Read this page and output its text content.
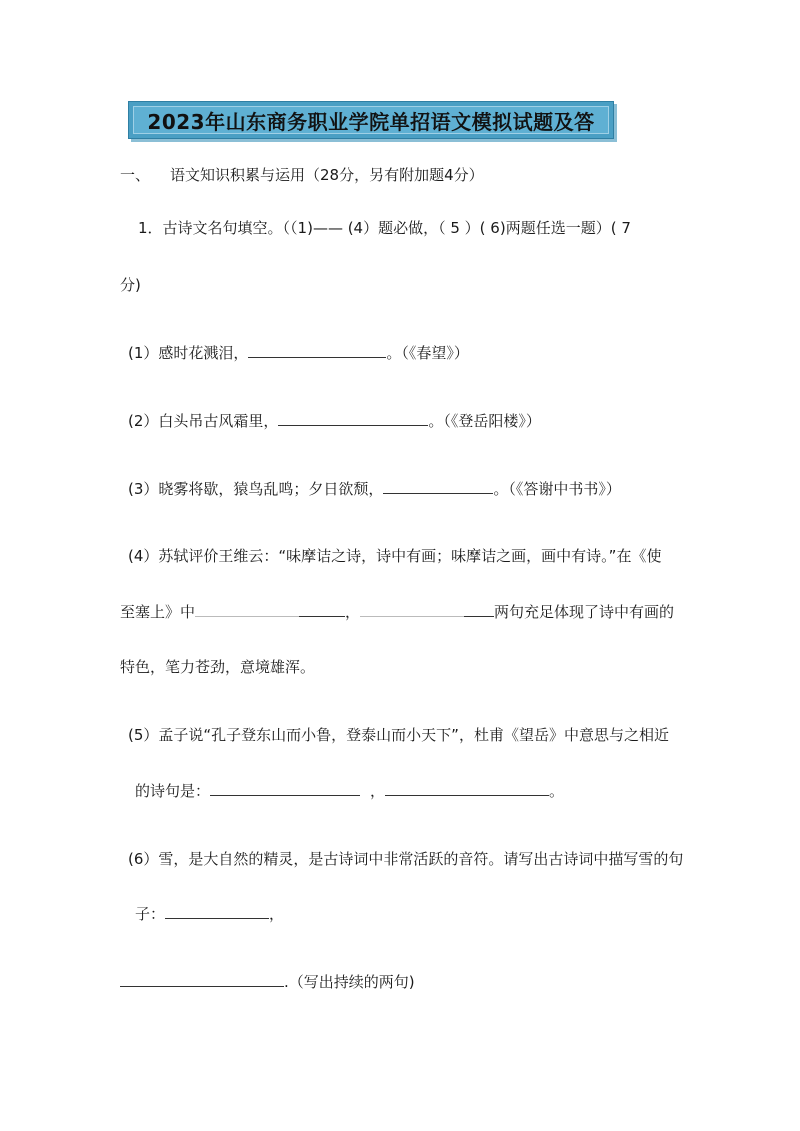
2023年山东商务职业学院单招语文模拟试题及答
一、 语文知识积累与运用（28分，另有附加题4分）
1．古诗文名句填空。（（1)—— (4）题必做，（ 5 ）( 6)两题任选一题）( 7
分)
(1）感时花溅泪，	。（《春望》）
(2）白头吊古风霜里，	。（《登岳阳楼》）
(3）晓雾将歇，猿鸟乱鸣；夕日欲颓，	。（《答谢中书书》）
(4）苏轼评价王维云：“味摩诘之诗，诗中有画；味摩诘之画，画中有诗。”在《使
至塞上》中	，	两句充足体现了诗中有画的
特色，笔力苍劲，意境雄浑。
(5）孟子说“孔子登东山而小鲁，登泰山而小天下”，杜甫《望岳》中意思与之相近
的诗句是：	，	。
(6）雪，是大自然的精灵，是古诗词中非常活跃的音符。请写出古诗词中描写雪的句
子：	，
.（写出持续的两句)
